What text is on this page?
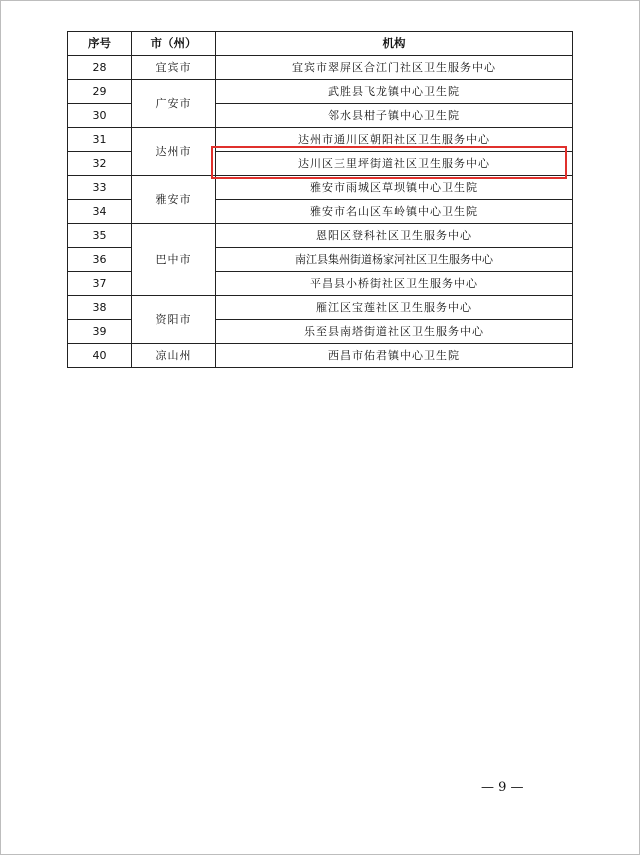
序号	市（州）	机构
28	宜宾市	宜宾市翠屏区合江门社区卫生服务中心
29	广安市	武胜县飞龙镇中心卫生院
30		邻水县柑子镇中心卫生院
31	达州市	达州市通川区朝阳社区卫生服务中心
32		达川区三里坪街道社区卫生服务中心
33	雅安市	雅安市雨城区草坝镇中心卫生院
34		雅安市名山区车岭镇中心卫生院
35	巴中市	恩阳区登科社区卫生服务中心
36		南江县集州街道杨家河社区卫生服务中心
37		平昌县小桥街社区卫生服务中心
38	资阳市	雁江区宝莲社区卫生服务中心
39		乐至县南塔街道社区卫生服务中心
40	凉山州	西昌市佑君镇中心卫生院
— 9 —
